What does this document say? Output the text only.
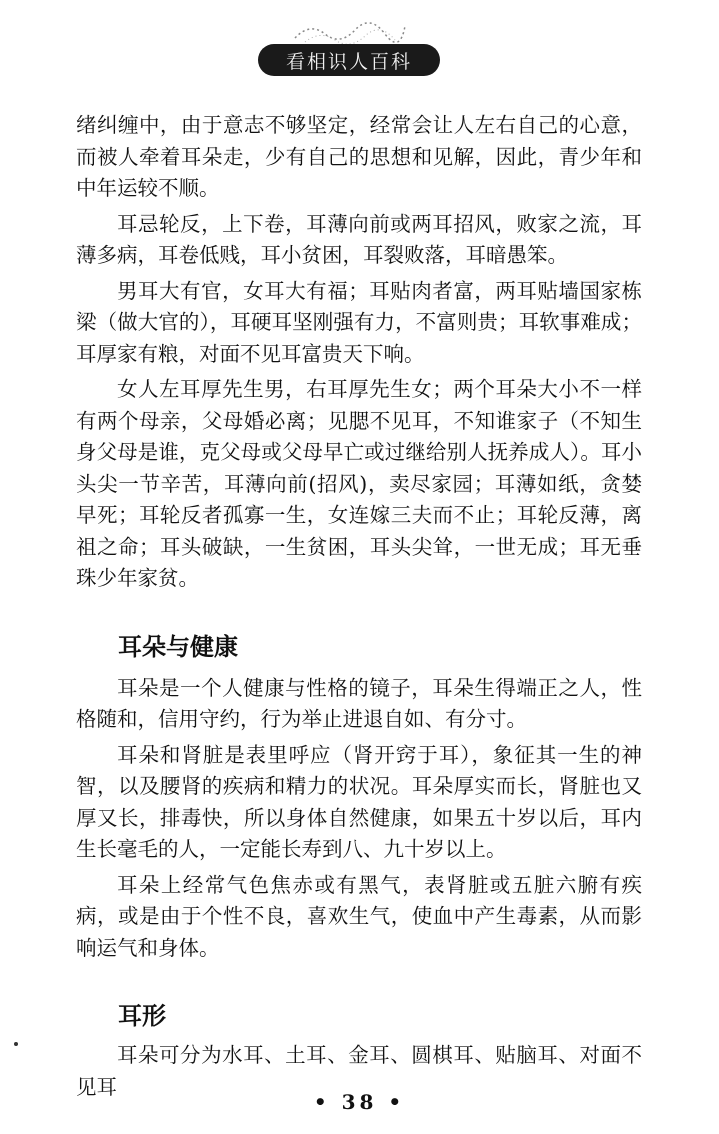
看相识人百科

绪纠缠中，由于意志不够坚定，经常会让人左右自己的心意，而被人牵着耳朵走，少有自己的思想和见解，因此，青少年和中年运较不顺。

耳忌轮反，上下卷，耳薄向前或两耳招风，败家之流，耳薄多病，耳卷低贱，耳小贫困，耳裂败落，耳暗愚笨。

男耳大有官，女耳大有福；耳贴肉者富，两耳贴墙国家栋梁（做大官的），耳硬耳坚刚强有力，不富则贵；耳软事难成；耳厚家有粮，对面不见耳富贵天下响。

女人左耳厚先生男，右耳厚先生女；两个耳朵大小不一样有两个母亲，父母婚必离；见腮不见耳，不知谁家子（不知生身父母是谁，克父母或父母早亡或过继给别人抚养成人）。耳小头尖一节辛苦，耳薄向前(招风)，卖尽家园；耳薄如纸，贪婪早死；耳轮反者孤寡一生，女连嫁三夫而不止；耳轮反薄，离祖之命；耳头破缺，一生贫困，耳头尖耸，一世无成；耳无垂珠少年家贫。

耳朵与健康

耳朵是一个人健康与性格的镜子，耳朵生得端正之人，性格随和，信用守约，行为举止进退自如、有分寸。

耳朵和肾脏是表里呼应（肾开窍于耳），象征其一生的神智，以及腰肾的疾病和精力的状况。耳朵厚实而长，肾脏也又厚又长，排毒快，所以身体自然健康，如果五十岁以后，耳内生长毫毛的人，一定能长寿到八、九十岁以上。

耳朵上经常气色焦赤或有黑气，表肾脏或五脏六腑有疾病，或是由于个性不良，喜欢生气，使血中产生毒素，从而影响运气和身体。

耳形

耳朵可分为水耳、土耳、金耳、圆棋耳、贴脑耳、对面不见耳

• 38 •
